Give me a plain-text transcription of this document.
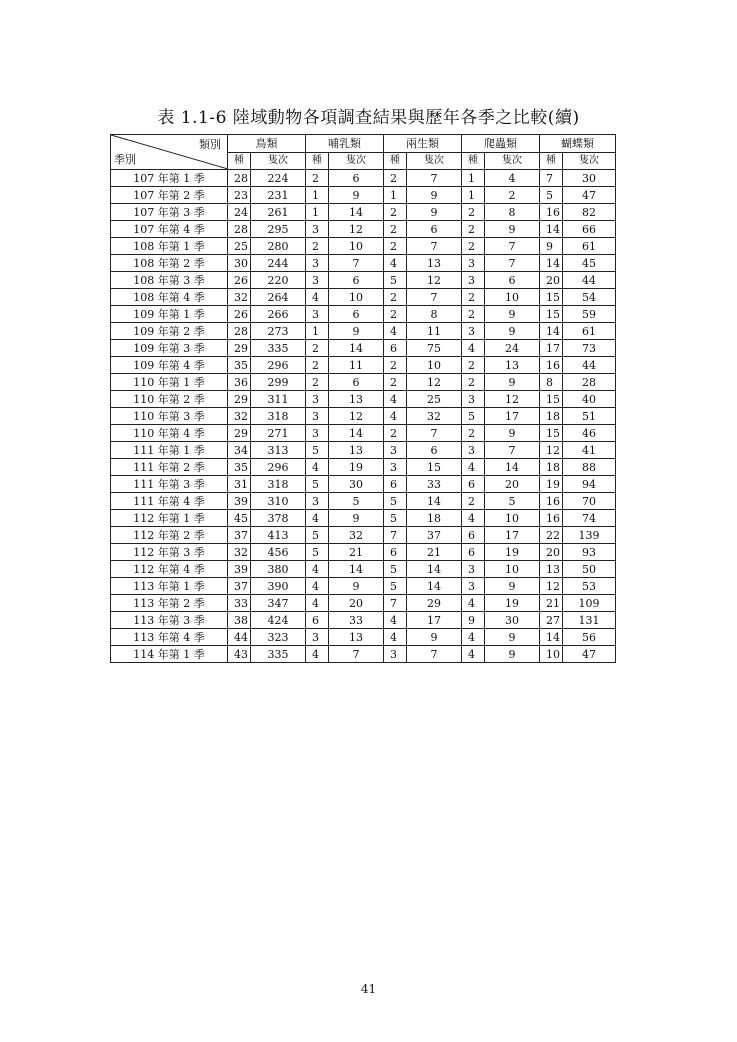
表 1.1-6 陸域動物各項調查結果與歷年各季之比較(續)
類別
季別	鳥類		哺乳類		兩生類		爬蟲類		蝴蝶類	
	種	隻次	種	隻次	種	隻次	種	隻次	種	隻次
107 年第 1 季	28	224	2	6	2	7	1	4	7	30
107 年第 2 季	23	231	1	9	1	9	1	2	5	47
107 年第 3 季	24	261	1	14	2	9	2	8	16	82
107 年第 4 季	28	295	3	12	2	6	2	9	14	66
108 年第 1 季	25	280	2	10	2	7	2	7	9	61
108 年第 2 季	30	244	3	7	4	13	3	7	14	45
108 年第 3 季	26	220	3	6	5	12	3	6	20	44
108 年第 4 季	32	264	4	10	2	7	2	10	15	54
109 年第 1 季	26	266	3	6	2	8	2	9	15	59
109 年第 2 季	28	273	1	9	4	11	3	9	14	61
109 年第 3 季	29	335	2	14	6	75	4	24	17	73
109 年第 4 季	35	296	2	11	2	10	2	13	16	44
110 年第 1 季	36	299	2	6	2	12	2	9	8	28
110 年第 2 季	29	311	3	13	4	25	3	12	15	40
110 年第 3 季	32	318	3	12	4	32	5	17	18	51
110 年第 4 季	29	271	3	14	2	7	2	9	15	46
111 年第 1 季	34	313	5	13	3	6	3	7	12	41
111 年第 2 季	35	296	4	19	3	15	4	14	18	88
111 年第 3 季	31	318	5	30	6	33	6	20	19	94
111 年第 4 季	39	310	3	5	5	14	2	5	16	70
112 年第 1 季	45	378	4	9	5	18	4	10	16	74
112 年第 2 季	37	413	5	32	7	37	6	17	22	139
112 年第 3 季	32	456	5	21	6	21	6	19	20	93
112 年第 4 季	39	380	4	14	5	14	3	10	13	50
113 年第 1 季	37	390	4	9	5	14	3	9	12	53
113 年第 2 季	33	347	4	20	7	29	4	19	21	109
113 年第 3 季	38	424	6	33	4	17	9	30	27	131
113 年第 4 季	44	323	3	13	4	9	4	9	14	56
114 年第 1 季	43	335	4	7	3	7	4	9	10	47
41
